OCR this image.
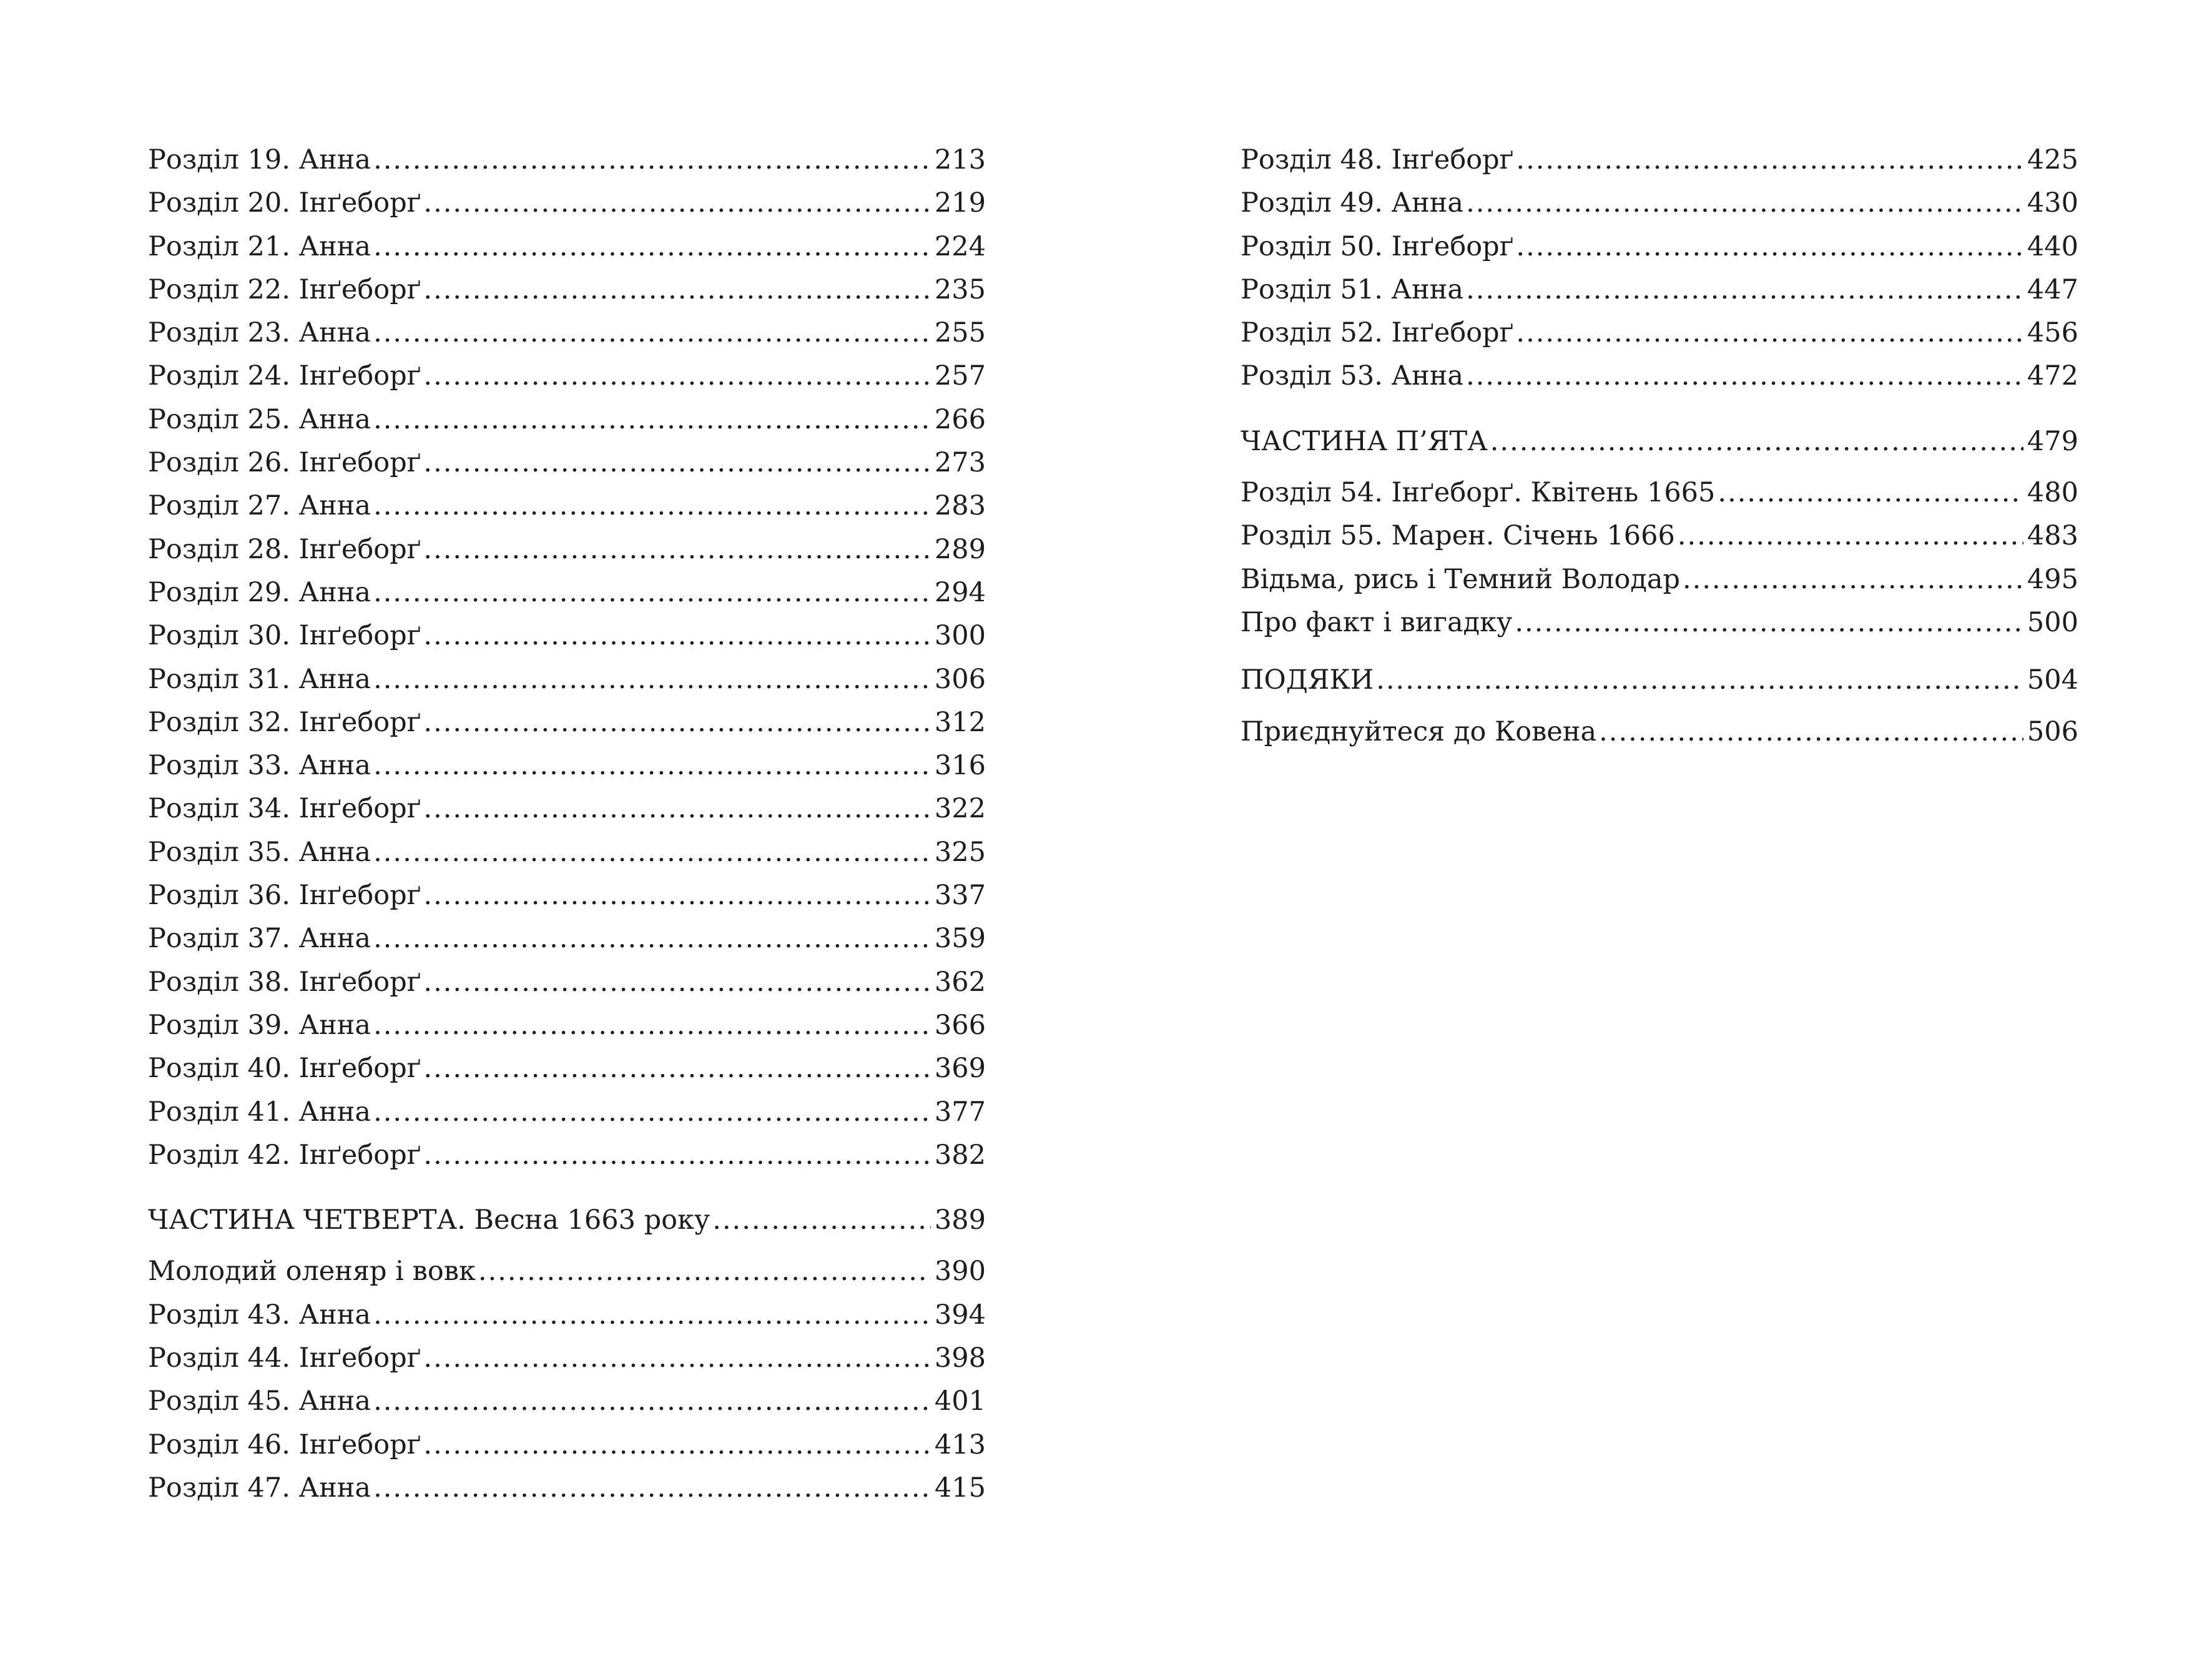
Розділ 19. Анна .....	213
Розділ 20. Інґеборґ .....	219
Розділ 21. Анна .....	224
Розділ 22. Інґеборґ .....	235
Розділ 23. Анна .....	255
Розділ 24. Інґеборґ .....	257
Розділ 25. Анна .....	266
Розділ 26. Інґеборґ .....	273
Розділ 27. Анна .....	283
Розділ 28. Інґеборґ .....	289
Розділ 29. Анна .....	294
Розділ 30. Інґеборґ .....	300
Розділ 31. Анна .....	306
Розділ 32. Інґеборґ .....	312
Розділ 33. Анна .....	316
Розділ 34. Інґеборґ .....	322
Розділ 35. Анна .....	325
Розділ 36. Інґеборґ .....	337
Розділ 37. Анна .....	359
Розділ 38. Інґеборґ .....	362
Розділ 39. Анна .....	366
Розділ 40. Інґеборґ .....	369
Розділ 41. Анна .....	377
Розділ 42. Інґеборґ .....	382
ЧАСТИНА ЧЕТВЕРТА. Весна 1663 року .....	389
Молодий оленяр і вовк .....	390
Розділ 43. Анна .....	394
Розділ 44. Інґеборґ .....	398
Розділ 45. Анна .....	401
Розділ 46. Інґеборґ .....	413
Розділ 47. Анна .....	415
Розділ 48. Інґеборґ .....	425
Розділ 49. Анна .....	430
Розділ 50. Інґеборґ .....	440
Розділ 51. Анна .....	447
Розділ 52. Інґеборґ .....	456
Розділ 53. Анна .....	472
ЧАСТИНА П’ЯТА .....	479
Розділ 54. Інґеборґ. Квітень 1665 .....	480
Розділ 55. Марен. Січень 1666 .....	483
Відьма, рись і Темний Володар .....	495
Про факт і вигадку .....	500
ПОДЯКИ .....	504
Приєднуйтеся до Ковена .....	506
